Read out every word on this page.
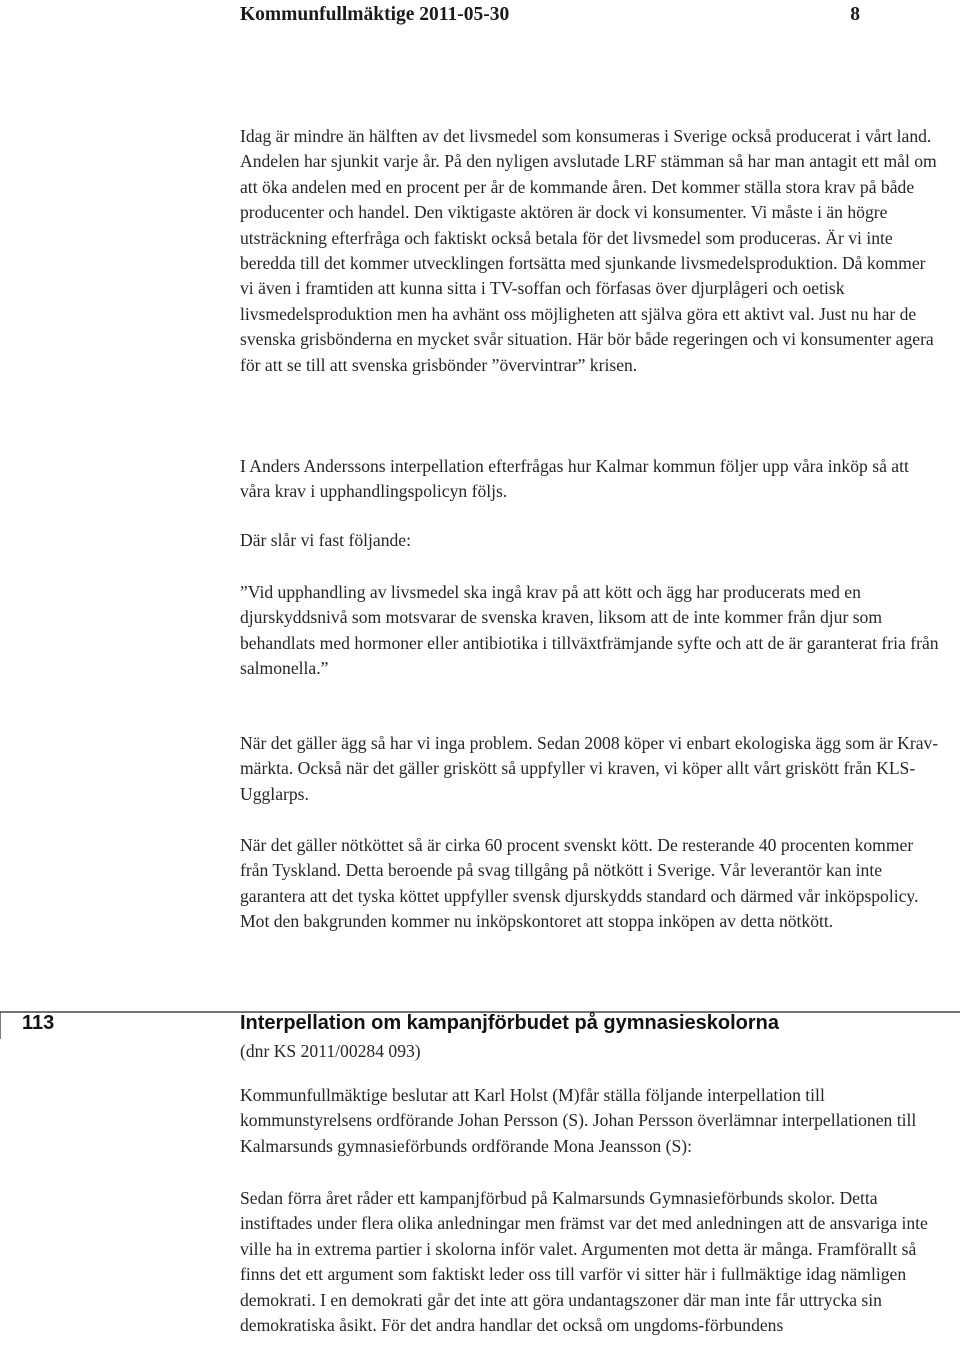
Kommunfullmäktige 2011-05-30	8

Idag är mindre än hälften av det livsmedel som konsumeras i Sverige också producerat i vårt land. Andelen har sjunkit varje år. På den nyligen avslutade LRF stämman så har man antagit ett mål om att öka andelen med en procent per år de kommande åren. Det kommer ställa stora krav på både producenter och handel. Den viktigaste aktören är dock vi konsumenter. Vi måste i än högre utsträckning efterfråga och faktiskt också betala för det livsmedel som produceras. Är vi inte beredda till det kommer utvecklingen fortsätta med sjunkande livsmedelsproduktion. Då kommer vi även i framtiden att kunna sitta i TV-soffan och förfasas över djurplågeri och oetisk livsmedelsproduktion men ha avhänt oss möjligheten att själva göra ett aktivt val. Just nu har de svenska grisbönderna en mycket svår situation. Här bör både regeringen och vi konsumenter agera för att se till att svenska grisbönder ”övervintrar” krisen.

I Anders Anderssons interpellation efterfrågas hur Kalmar kommun följer upp våra inköp så att våra krav i upphandlingspolicyn följs.

Där slår vi fast följande:

”Vid upphandling av livsmedel ska ingå krav på att kött och ägg har producerats med en djurskyddsnivå som motsvarar de svenska kraven, liksom att de inte kommer från djur som behandlats med hormoner eller antibiotika i tillväxtfrämjande syfte och att de är garanterat fria från salmonella.”

När det gäller ägg så har vi inga problem. Sedan 2008 köper vi enbart ekologiska ägg som är Krav-märkta. Också när det gäller griskött så uppfyller vi kraven, vi köper allt vårt griskött från KLS-Ugglarps.

När det gäller nötköttet så är cirka 60 procent svenskt kött. De resterande 40 procenten kommer från Tyskland. Detta beroende på svag tillgång på nötkött i Sverige. Vår leverantör kan inte garantera att det tyska köttet uppfyller svensk djurskydds standard och därmed vår inköpspolicy. Mot den bakgrunden kommer nu inköpskontoret att stoppa inköpen av detta nötkött.

113	Interpellation om kampanjförbudet på gymnasieskolorna
(dnr KS 2011/00284 093)

Kommunfullmäktige beslutar att Karl Holst (M)får ställa följande interpellation till kommunstyrelsens ordförande Johan Persson (S). Johan Persson överlämnar interpellationen till Kalmarsunds gymnasieförbunds ordförande Mona Jeansson (S):

Sedan förra året råder ett kampanjförbud på Kalmarsunds Gymnasieförbunds skolor. Detta instiftades under flera olika anledningar men främst var det med anledningen att de ansvariga inte ville ha in extrema partier i skolorna inför valet. Argumenten mot detta är många. Framförallt så finns det ett argument som faktiskt leder oss till varför vi sitter här i fullmäktige idag nämligen demokrati. I en demokrati går det inte att göra undantagszoner där man inte får uttrycka sin demokratiska åsikt. För det andra handlar det också om ungdoms-förbundens
